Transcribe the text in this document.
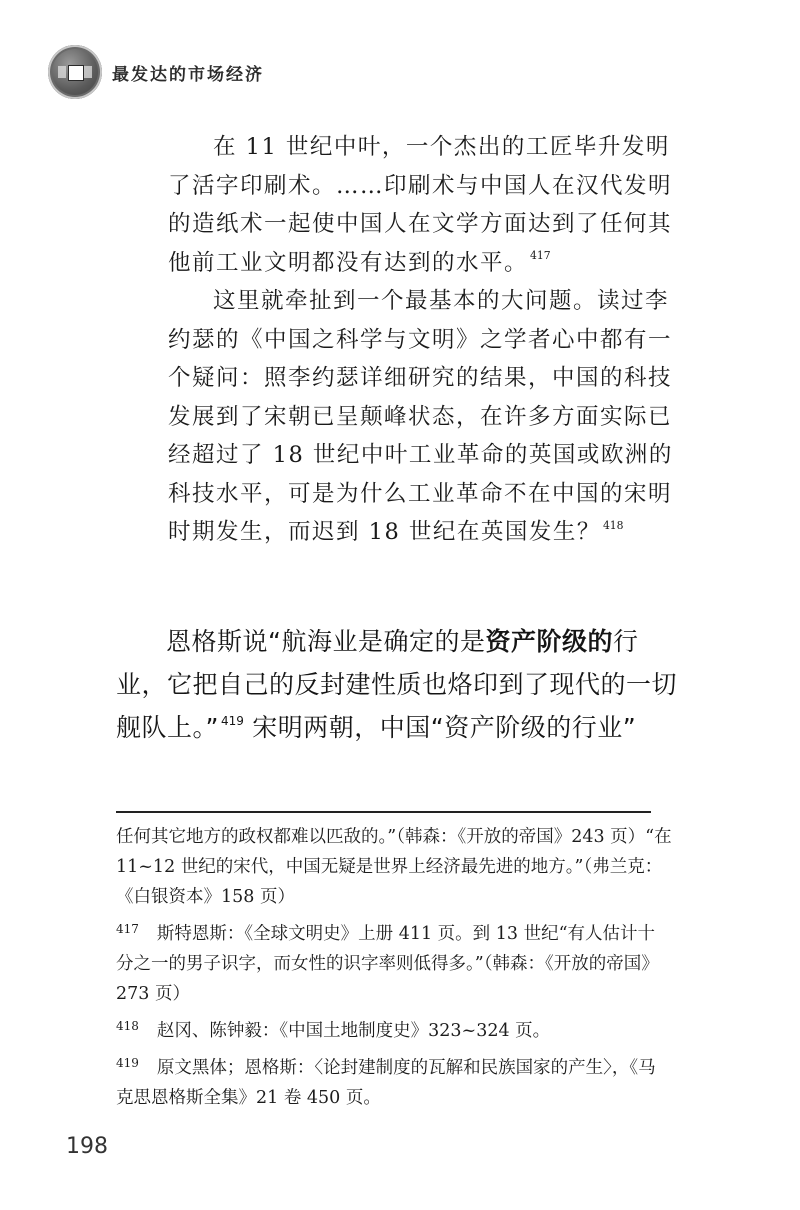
最发达的市场经济

在 11 世纪中叶，一个杰出的工匠毕升发明了活字印刷术。……印刷术与中国人在汉代发明的造纸术一起使中国人在文学方面达到了任何其他前工业文明都没有达到的水平。 $^{417}$

这里就牵扯到一个最基本的大问题。读过李约瑟的《中国之科学与文明》之学者心中都有一个疑问：照李约瑟详细研究的结果，中国的科技发展到了宋朝已呈颠峰状态，在许多方面实际已经超过了 18 世纪中叶工业革命的英国或欧洲的科技水平，可是为什么工业革命不在中国的宋明时期发生，而迟到 18 世纪在英国发生？ $^{418}$

恩格斯说“航海业是确定的是资产阶级的行业，它把自己的反封建性质也烙印到了现代的一切舰队上。” $^{419}$ 宋明两朝，中国“资产阶级的行业”

任何其它地方的政权都难以匹敌的。”（韩森：《开放的帝国》243 页）“在 11~12 世纪的宋代，中国无疑是世界上经济最先进的地方。”（弗兰克：《白银资本》158 页）

$^{417}$ 斯特恩斯：《全球文明史》上册 411 页。到 13 世纪“有人估计十分之一的男子识字，而女性的识字率则低得多。”（韩森：《开放的帝国》273 页）

$^{418}$ 赵冈、陈钟毅：《中国土地制度史》323~324 页。

$^{419}$ 原文黑体；恩格斯：〈论封建制度的瓦解和民族国家的产生〉，《马克思恩格斯全集》21 卷 450 页。

198
